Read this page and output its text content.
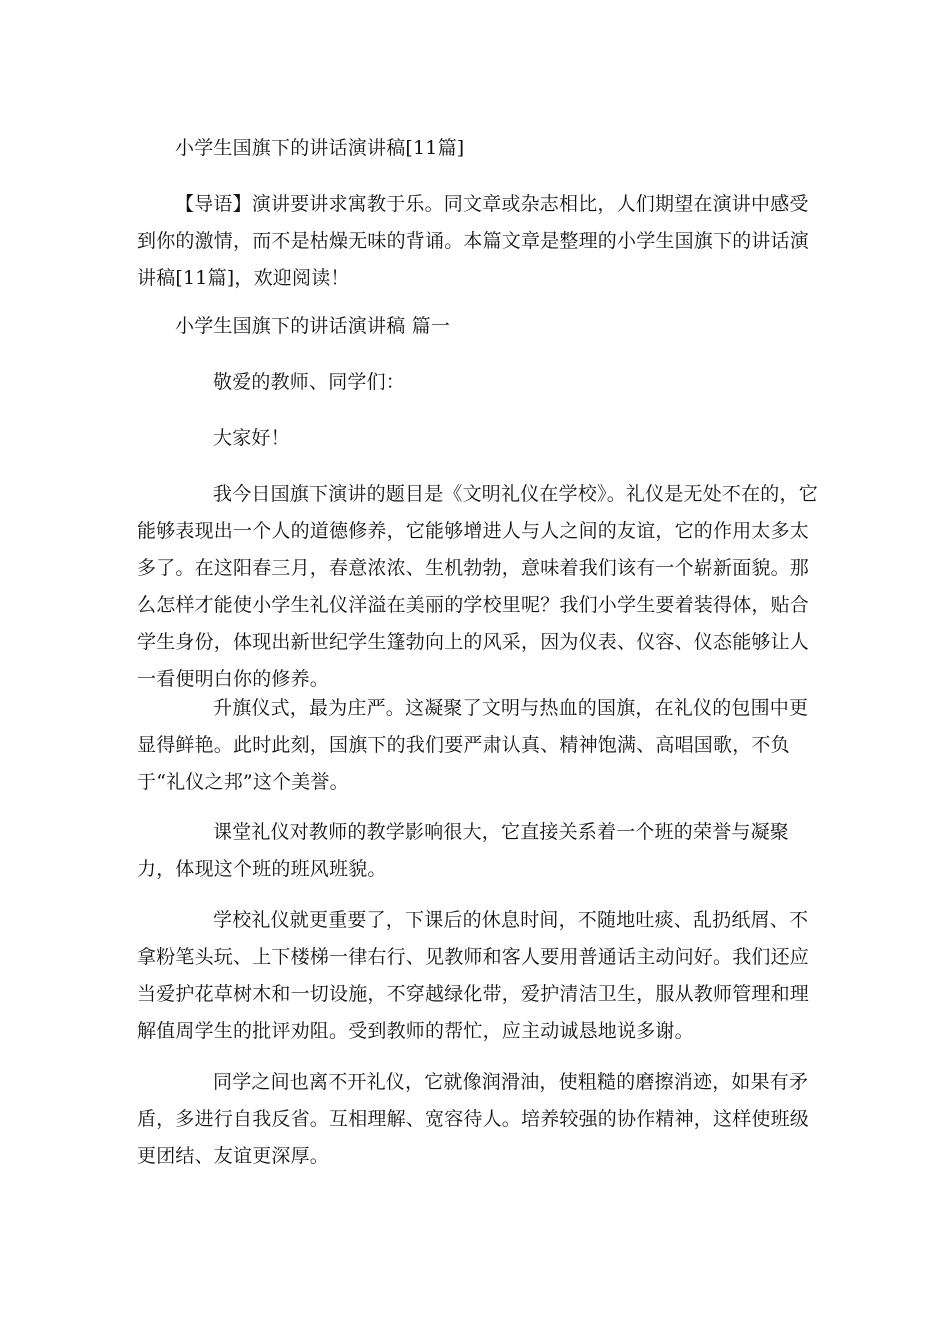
小学生国旗下的讲话演讲稿[11篇]
【导语】演讲要讲求寓教于乐。同文章或杂志相比，人们期望在演讲中感受到你的激情，而不是枯燥无味的背诵。本篇文章是整理的小学生国旗下的讲话演讲稿[11篇]，欢迎阅读！
小学生国旗下的讲话演讲稿 篇一
敬爱的教师、同学们：
大家好！
我今日国旗下演讲的题目是《文明礼仪在学校》。礼仪是无处不在的，它能够表现出一个人的道德修养，它能够增进人与人之间的友谊，它的作用太多太多了。在这阳春三月，春意浓浓、生机勃勃，意味着我们该有一个崭新面貌。那么怎样才能使小学生礼仪洋溢在美丽的学校里呢？我们小学生要着装得体，贴合学生身份，体现出新世纪学生篷勃向上的风采，因为仪表、仪容、仪态能够让人一看便明白你的修养。
升旗仪式，最为庄严。这凝聚了文明与热血的国旗，在礼仪的包围中更显得鲜艳。此时此刻，国旗下的我们要严肃认真、精神饱满、高唱国歌，不负于“礼仪之邦”这个美誉。
课堂礼仪对教师的教学影响很大，它直接关系着一个班的荣誉与凝聚力，体现这个班的班风班貌。
学校礼仪就更重要了，下课后的休息时间，不随地吐痰、乱扔纸屑、不拿粉笔头玩、上下楼梯一律右行、见教师和客人要用普通话主动问好。我们还应当爱护花草树木和一切设施，不穿越绿化带，爱护清洁卫生，服从教师管理和理解值周学生的批评劝阻。受到教师的帮忙，应主动诚恳地说多谢。
同学之间也离不开礼仪，它就像润滑油，使粗糙的磨擦消迹，如果有矛盾，多进行自我反省。互相理解、宽容待人。培养较强的协作精神，这样使班级更团结、友谊更深厚。
